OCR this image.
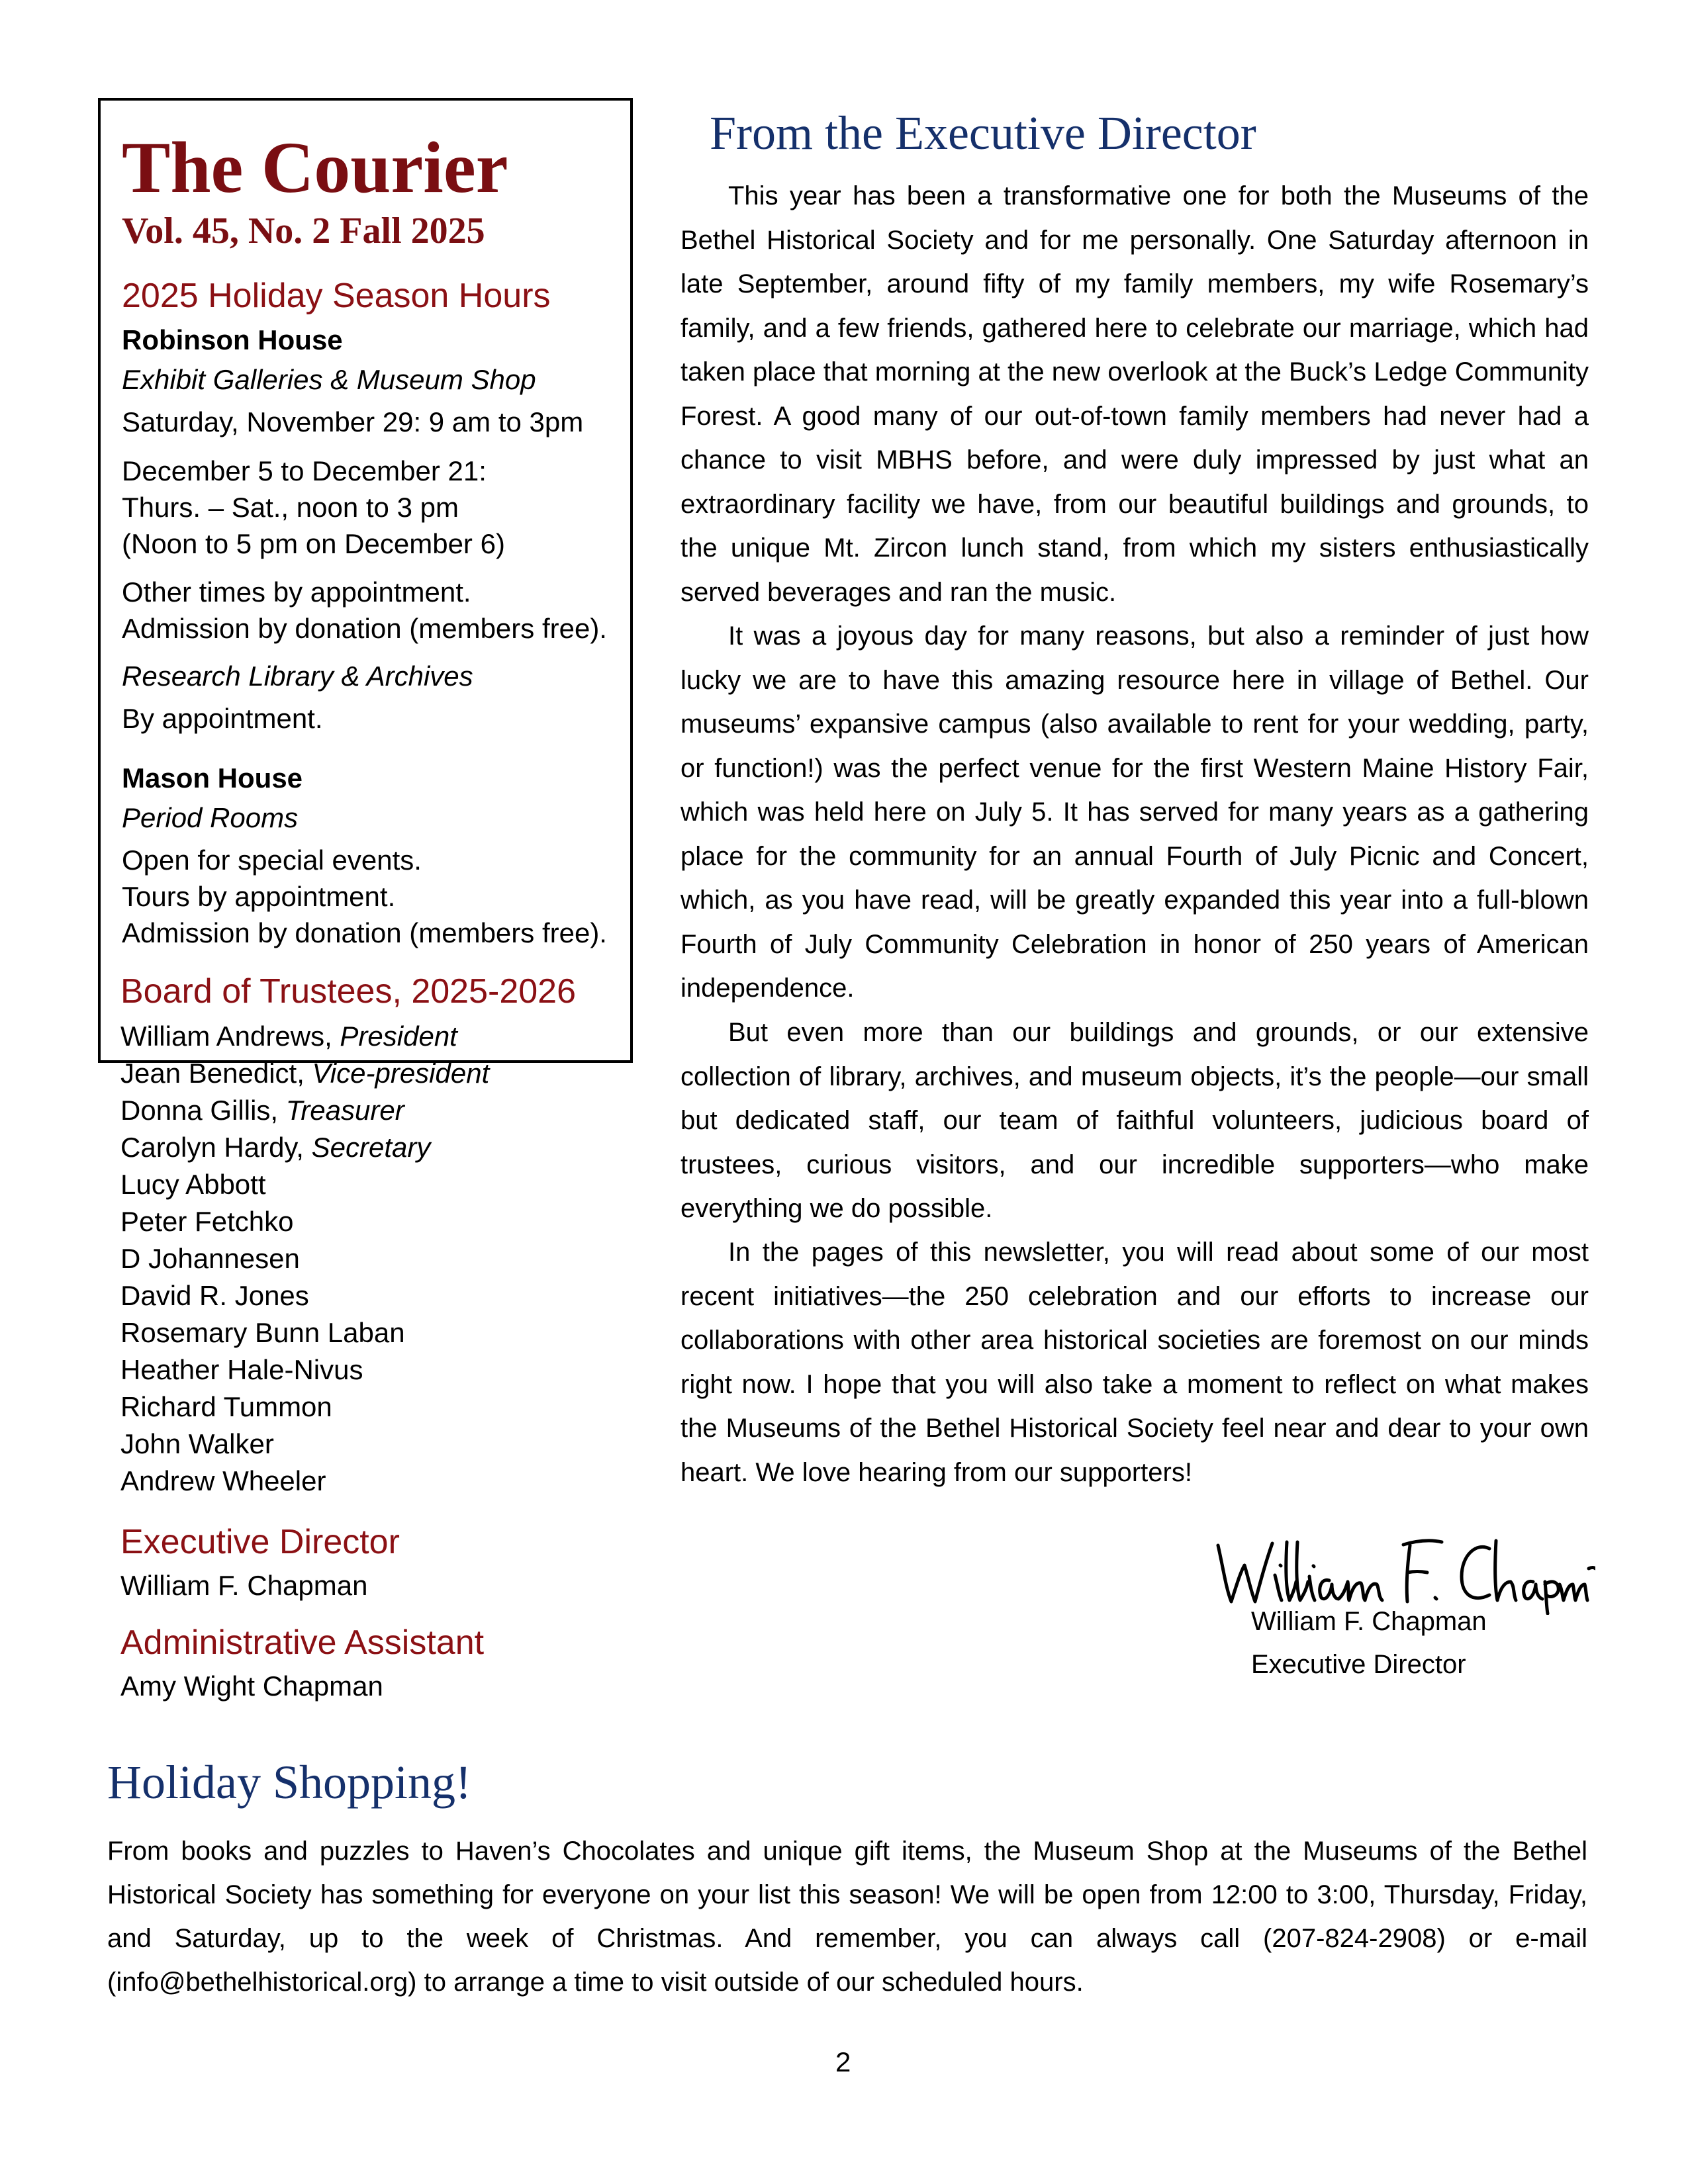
The Courier

Vol. 45, No. 2 Fall 2025

2025 Holiday Season Hours
Robinson House
Exhibit Galleries & Museum Shop
Saturday, November 29: 9 am to 3pm
December 5 to December 21:
Thurs. – Sat., noon to 3 pm
(Noon to 5 pm on December 6)
Other times by appointment.
Admission by donation (members free).
Research Library & Archives
By appointment.
Mason House
Period Rooms
Open for special events.
Tours by appointment.
Admission by donation (members free).
Board of Trustees, 2025-2026
William Andrews, President
Jean Benedict, Vice-president
Donna Gillis, Treasurer
Carolyn Hardy, Secretary
Lucy Abbott
Peter Fetchko
D Johannesen
David R. Jones
Rosemary Bunn Laban
Heather Hale-Nivus
Richard Tummon
John Walker
Andrew Wheeler
Executive Director
William F. Chapman
Administrative Assistant
Amy Wight Chapman
From the Executive Director

This year has been a transformative one for both the Museums of the Bethel Historical Society and for me personally. One Saturday afternoon in late September, around fifty of my family members, my wife Rosemary’s family, and a few friends, gathered here to celebrate our marriage, which had taken place that morning at the new overlook at the Buck’s Ledge Community Forest. A good many of our out-of-town family members had never had a chance to visit MBHS before, and were duly impressed by just what an extraordinary facility we have, from our beautiful buildings and grounds, to the unique Mt. Zircon lunch stand, from which my sisters enthusiastically served beverages and ran the music.

It was a joyous day for many reasons, but also a reminder of just how lucky we are to have this amazing resource here in village of Bethel. Our museums’ expansive campus (also available to rent for your wedding, party, or function!) was the perfect venue for the first Western Maine History Fair, which was held here on July 5. It has served for many years as a gathering place for the community for an annual Fourth of July Picnic and Concert, which, as you have read, will be greatly expanded this year into a full-blown Fourth of July Community Celebration in honor of 250 years of American independence.

But even more than our buildings and grounds, or our extensive collection of library, archives, and museum objects, it’s the people—our small but dedicated staff, our team of faithful volunteers, judicious board of trustees, curious visitors, and our incredible supporters—who make everything we do possible.

In the pages of this newsletter, you will read about some of our most recent initiatives—the 250 celebration and our efforts to increase our collaborations with other area historical societies are foremost on our minds right now. I hope that you will also take a moment to reflect on what makes the Museums of the Bethel Historical Society feel near and dear to your own heart. We love hearing from our supporters!

William F. Chapman
Executive Director
Holiday Shopping!

From books and puzzles to Haven’s Chocolates and unique gift items, the Museum Shop at the Museums of the Bethel Historical Society has something for everyone on your list this season! We will be open from 12:00 to 3:00, Thursday, Friday, and Saturday, up to the week of Christmas. And remember, you can always call (207-824-2908) or e-mail (info@bethelhistorical.org) to arrange a time to visit outside of our scheduled hours.

2
